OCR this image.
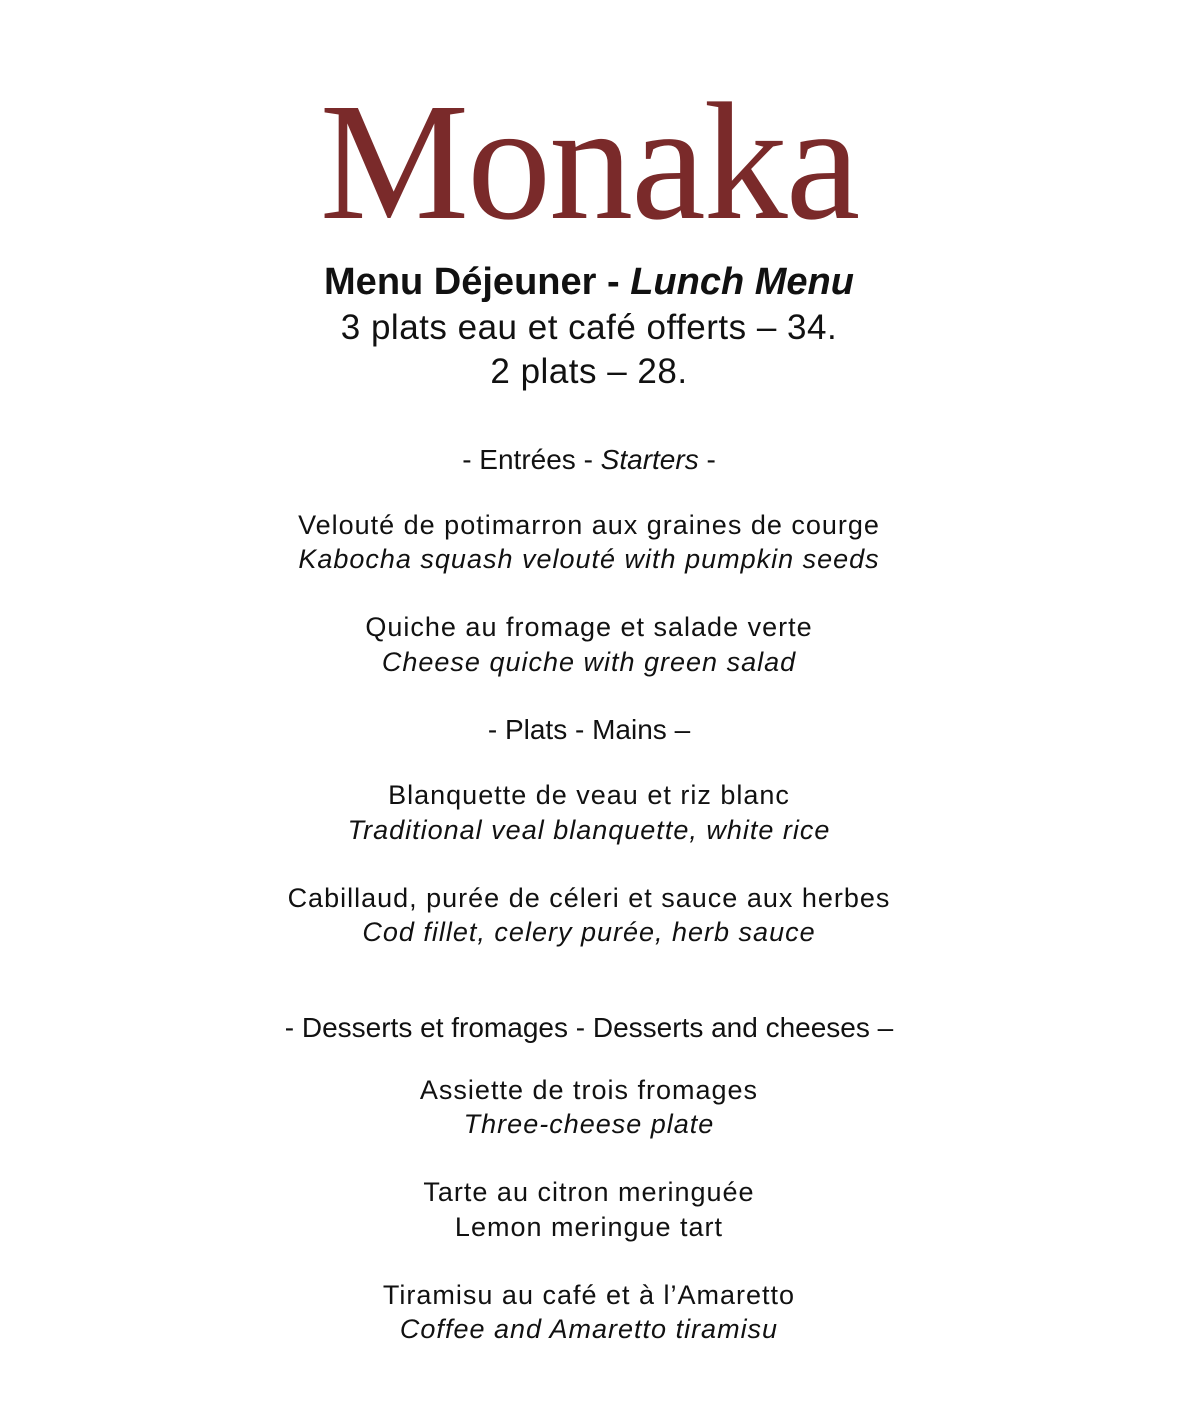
Monaka
Menu Déjeuner - Lunch Menu
3 plats eau et café offerts – 34.
2 plats – 28.
- Entrées - Starters -
Velouté de potimarron aux graines de courge
Kabocha squash velouté with pumpkin seeds
Quiche au fromage et salade verte
Cheese quiche with green salad
- Plats - Mains –
Blanquette de veau et riz blanc
Traditional veal blanquette, white rice
Cabillaud, purée de céleri et sauce aux herbes
Cod fillet, celery purée, herb sauce
- Desserts et fromages - Desserts and cheeses –
Assiette de trois fromages
Three-cheese plate
Tarte au citron meringuée
Lemon meringue tart
Tiramisu au café et à l’Amaretto
Coffee and Amaretto tiramisu
